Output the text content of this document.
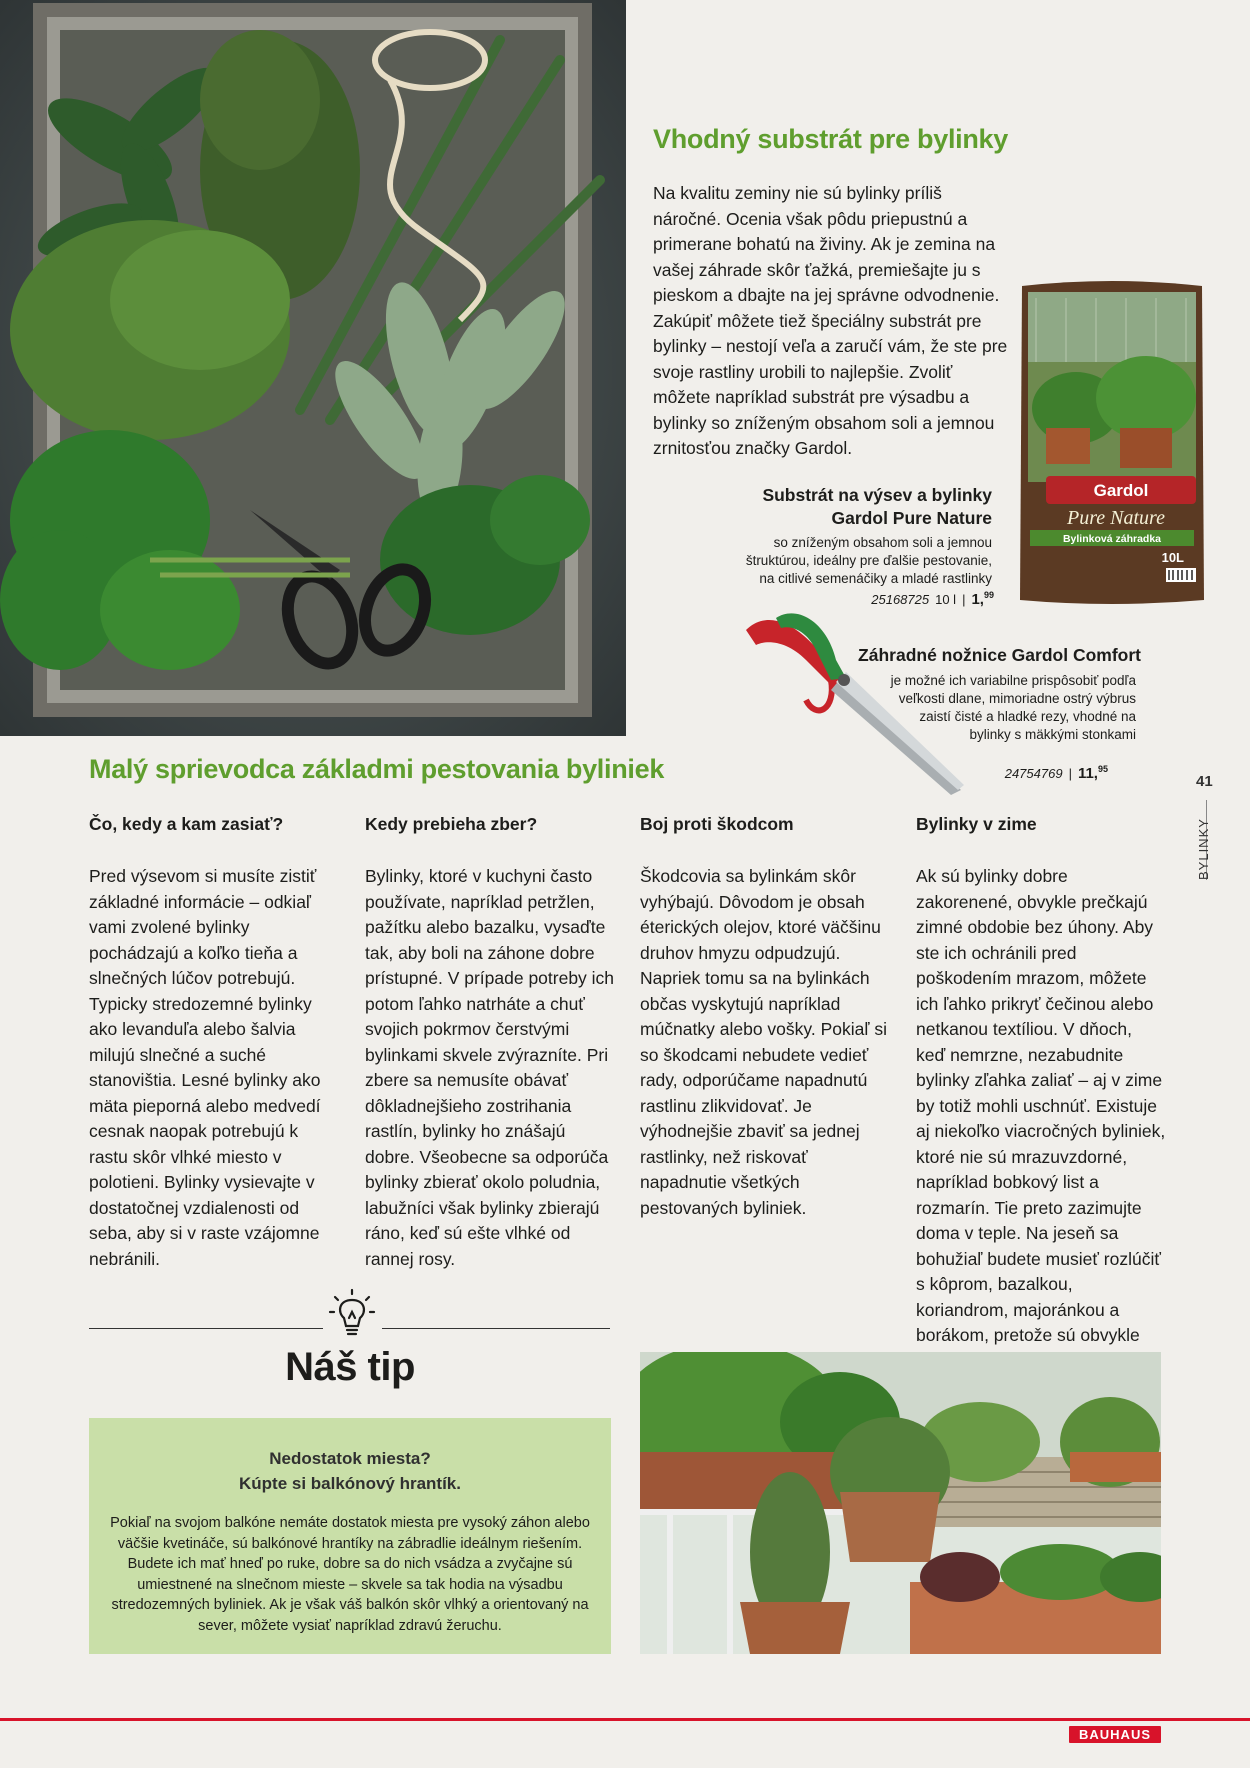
Vhodný substrát pre bylinky
Na kvalitu zeminy nie sú bylinky príliš náročné. Ocenia však pôdu priepustnú a primerane bohatú na živiny. Ak je zemina na vašej záhrade skôr ťažká, premiešajte ju s pieskom a dbajte na jej správne odvodnenie. Zakúpiť môžete tiež špeciálny substrát pre bylinky – nestojí veľa a zaručí vám, že ste pre svoje rastliny urobili to najlepšie. Zvoliť môžete napríklad substrát pre výsadbu a bylinky so zníženým obsahom soli a jemnou zrnitosťou značky Gardol.
Gardol
Pure Nature
Bylinková záhradka
10L
Substrát na výsev a bylinky
Gardol Pure Nature
so zníženým obsahom soli a jemnou štruktúrou, ideálny pre ďalšie pestovanie, na citlivé semenáčiky a mladé rastlinky
25168725 10 l | 1,99
Záhradné nožnice Gardol Comfort
je možné ich variabilne prispôsobiť podľa veľkosti dlane, mimoriadne ostrý výbrus zaistí čisté a hladké rezy, vhodné na bylinky s mäkkými stonkami
24754769 | 11,95
41
BYLINKY
Malý sprievodca základmi pestovania byliniek
Čo, kedy a kam zasiať?	Kedy prebieha zber?	Boj proti škodcom	Bylinky v zime
Pred výsevom si musíte zistiť základné informácie – odkiaľ vami zvolené bylinky pochádzajú a koľko tieňa a slnečných lúčov potrebujú. Typicky stredozemné bylinky ako levanduľa alebo šalvia milujú slnečné a suché stanovištia. Lesné bylinky ako mäta pieporná alebo medvedí cesnak naopak potrebujú k rastu skôr vlhké miesto v polotieni. Bylinky vysievajte v dostatočnej vzdialenosti od seba, aby si v raste vzájomne nebránili.
Bylinky, ktoré v kuchyni často používate, napríklad petržlen, pažítku alebo bazalku, vysaďte tak, aby boli na záhone dobre prístupné. V prípade potreby ich potom ľahko natrháte a chuť svojich pokrmov čerstvými bylinkami skvele zvýrazníte. Pri zbere sa nemusíte obávať dôkladnejšieho zostrihania rastlín, bylinky ho znášajú dobre. Všeobecne sa odporúča bylinky zbierať okolo poludnia, labužníci však bylinky zbierajú ráno, keď sú ešte vlhké od rannej rosy.
Škodcovia sa bylinkám skôr vyhýbajú. Dôvodom je obsah éterických olejov, ktoré väčšinu druhov hmyzu odpudzujú. Napriek tomu sa na bylinkách občas vyskytujú napríklad múčnatky alebo vošky. Pokiaľ si so škodcami nebudete vedieť rady, odporúčame napadnutú rastlinu zlikvidovať. Je výhodnejšie zbaviť sa jednej rastlinky, než riskovať napadnutie všetkých pestovaných byliniek.
Ak sú bylinky dobre zakorenené, obvykle prečkajú zimné obdobie bez úhony. Aby ste ich ochránili pred poškodením mrazom, môžete ich ľahko prikryť čečinou alebo netkanou textíliou. V dňoch, keď nemrzne, nezabudnite bylinky zľahka zaliať – aj v zime by totiž mohli uschnúť. Existuje aj niekoľko viacročných byliniek, ktoré nie sú mrazuvzdorné, napríklad bobkový list a rozmarín. Tie preto zazimujte doma v teple. Na jeseň sa bohužiaľ budete musieť rozlúčiť s kôprom, bazalkou, koriandrom, majoránkou a borákom, pretože sú obvykle
Náš tip
Nedostatok miesta?
Kúpte si balkónový hrantík.
Pokiaľ na svojom balkóne nemáte dostatok miesta pre vysoký záhon alebo väčšie kvetináče, sú balkónové hrantíky na zábradlie ideálnym riešením. Budete ich mať hneď po ruke, dobre sa do nich vsádza a zvyčajne sú umiestnené na slnečnom mieste – skvele sa tak hodia na výsadbu stredozemných byliniek. Ak je však váš balkón skôr vlhký a orientovaný na sever, môžete vysiať napríklad zdravú žeruchu.
BAUHAUS
